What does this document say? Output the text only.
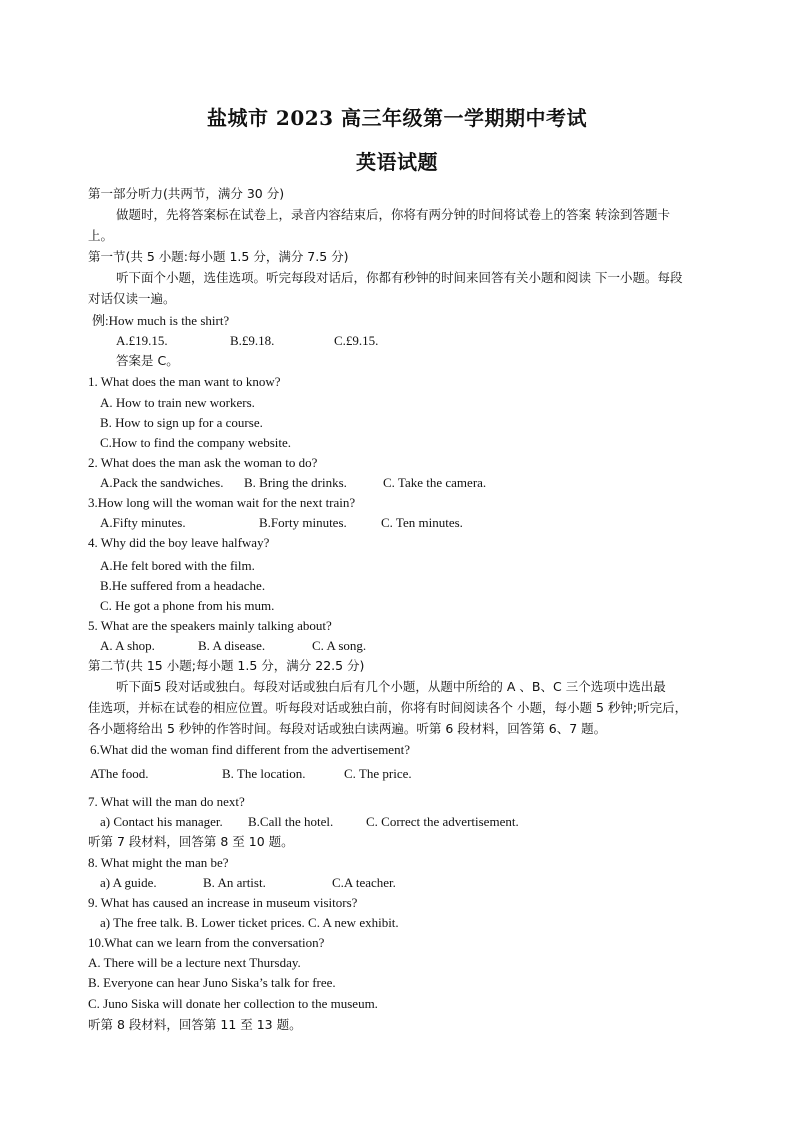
盐城市 2023 高三年级第一学期期中考试
英语试题
第一部分听力(共两节，满分 30 分)
做题时，先将答案标在试卷上，录音内容结束后，你将有两分钟的时间将试卷上的答案 转涂到答题卡
上。
第一节(共 5 小题:每小题 1.5 分，满分 7.5 分)
听下面个小题，选佳选项。听完每段对话后，你都有秒钟的时间来回答有关小题和阅读 下一小题。每段
对话仅读一遍。
例:How much is the shirt?
A.£19.15.	B.£9.18.	C.£9.15.
答案是 C。
1. What does the man want to know?
A. How to train new workers.
B. How to sign up for a course.
C.How to find the company website.
2. What does the man ask the woman to do?
A.Pack the sandwiches. B. Bring the drinks.	C. Take the camera.
3.How long will the woman wait for the next train?
A.Fifty minutes.	B.Forty minutes.	C. Ten minutes.
4. Why did the boy leave halfway?
A.He felt bored with the film.
B.He suffered from a headache.
C. He got a phone from his mum.
5. What are the speakers mainly talking about?
A. A shop.	B. A disease.	C. A song.
第二节(共 15 小题;每小题 1.5 分，满分 22.5 分)
听下面5 段对话或独白。每段对话或独白后有几个小题，从题中所给的 A 、B、C 三个选项中选出最
佳选项，并标在试卷的相应位置。听每段对话或独白前，你将有时间阅读各个 小题，每小题 5 秒钟;听完后，
各小题将给出 5 秒钟的作答时间。每段对话或独白读两遍。听第 6 段材料，回答第 6、7 题。
6.What did the woman find different from the advertisement?
AThe food.	B. The location.	C. The price.
7. What will the man do next?
a) Contact his manager. B.Call the hotel.	C. Correct the advertisement.
听第 7 段材料，回答第 8 至 10 题。
8. What might the man be?
a) A guide.	B. An artist.	C.A teacher.
9. What has caused an increase in museum visitors?
a) The free talk. B. Lower ticket prices. C. A new exhibit.
10.What can we learn from the conversation?
A. There will be a lecture next Thursday.
B. Everyone can hear Juno Siska’s talk for free.
C. Juno Siska will donate her collection to the museum.
听第 8 段材料，回答第 11 至 13 题。
